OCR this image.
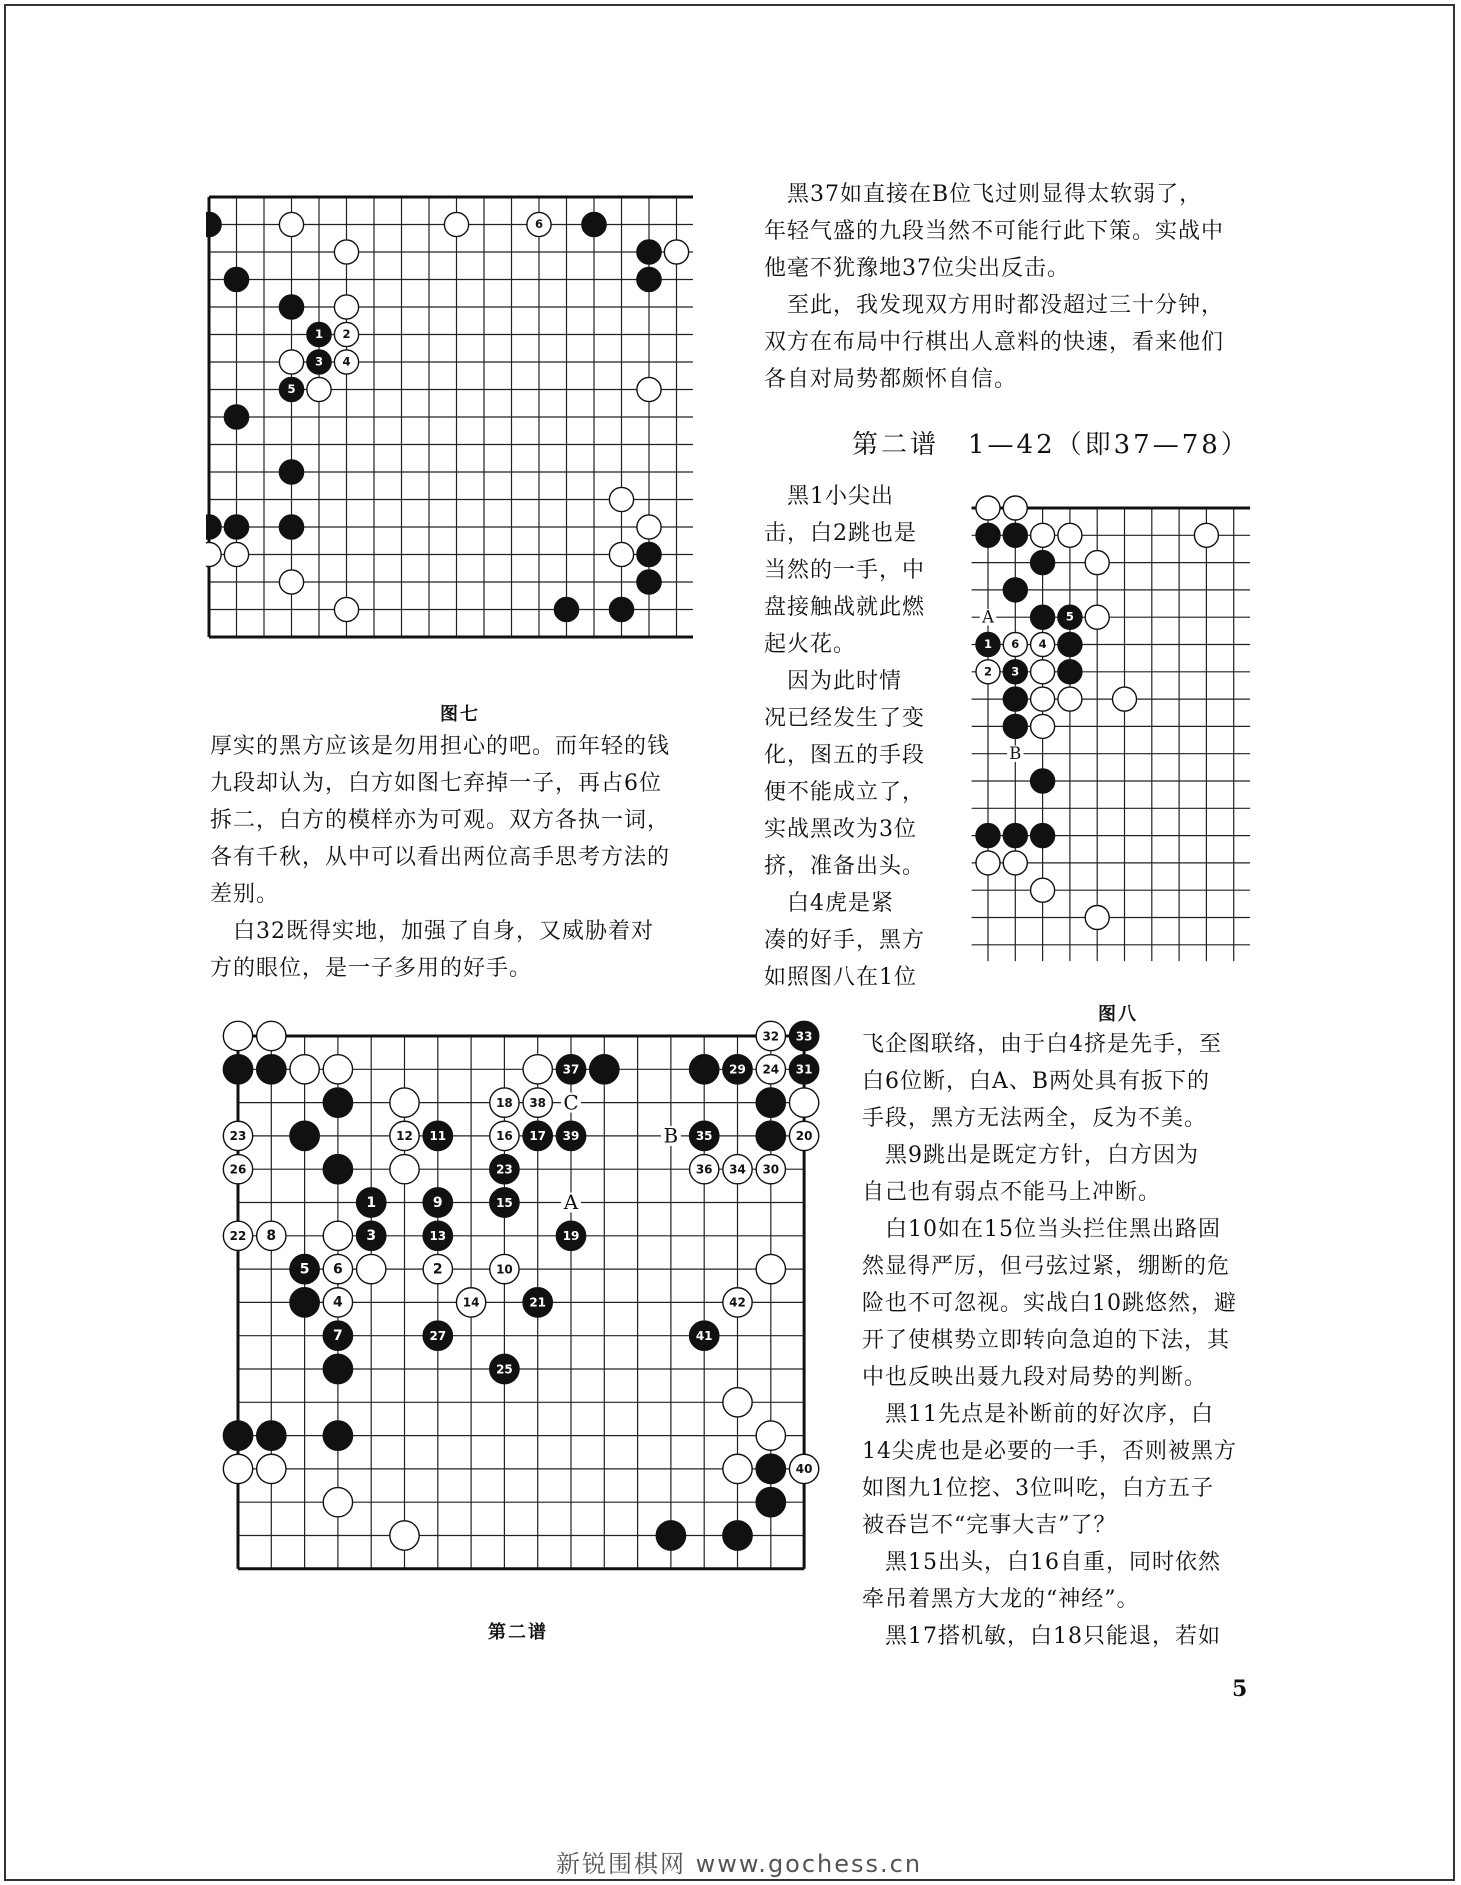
6
1 2
3 4
5
图七

厚实的黑方应该是勿用担心的吧。而年轻的钱

九段却认为，白方如图七弃掉一子，再占6位

拆二，白方的模样亦为可观。双方各执一词，

各有千秋，从中可以看出两位高手思考方法的

差别。

　白32既得实地，加强了自身，又威胁着对

方的眼位，是一子多用的好手。

　黑37如直接在B位飞过则显得太软弱了，

年轻气盛的九段当然不可能行此下策。实战中

他毫不犹豫地37位尖出反击。

　至此，我发现双方用时都没超过三十分钟，

双方在布局中行棋出人意料的快速，看来他们

各自对局势都颇怀自信。

第二谱　1—42（即37—78）

　黑1小尖出

击，白2跳也是

当然的一手，中

盘接触战就此燃

起火花。

　因为此时情

况已经发生了变

化，图五的手段

便不能成立了，

实战黑改为3位

挤，准备出头。

　白4虎是紧

凑的好手，黑方

如照图八在1位

5
1 6 4
2 3
A
B
图八
32 33
37	29 24 31
18 38
23	12 11	16 17 39	35	20
26	23	36 34 30
1	9	15
22 8	3	13	19
5 6	2	10
4	14	21	42
7	27	41
25
40
C
B
A
第二谱

飞企图联络，由于白4挤是先手，至

白6位断，白A、B两处具有扳下的

手段，黑方无法两全，反为不美。

　黑9跳出是既定方针，白方因为

自己也有弱点不能马上冲断。

　白10如在15位当头拦住黑出路固

然显得严厉，但弓弦过紧，绷断的危

险也不可忽视。实战白10跳悠然，避

开了使棋势立即转向急迫的下法，其

中也反映出聂九段对局势的判断。

　黑11先点是补断前的好次序，白

14尖虎也是必要的一手，否则被黑方

如图九1位挖、3位叫吃，白方五子

被吞岂不“完事大吉”了？

　黑15出头，白16自重，同时依然

牵吊着黑方大龙的“神经”。

　黑17搭机敏，白18只能退，若如

5
新锐围棋网 www.gochess.cn
